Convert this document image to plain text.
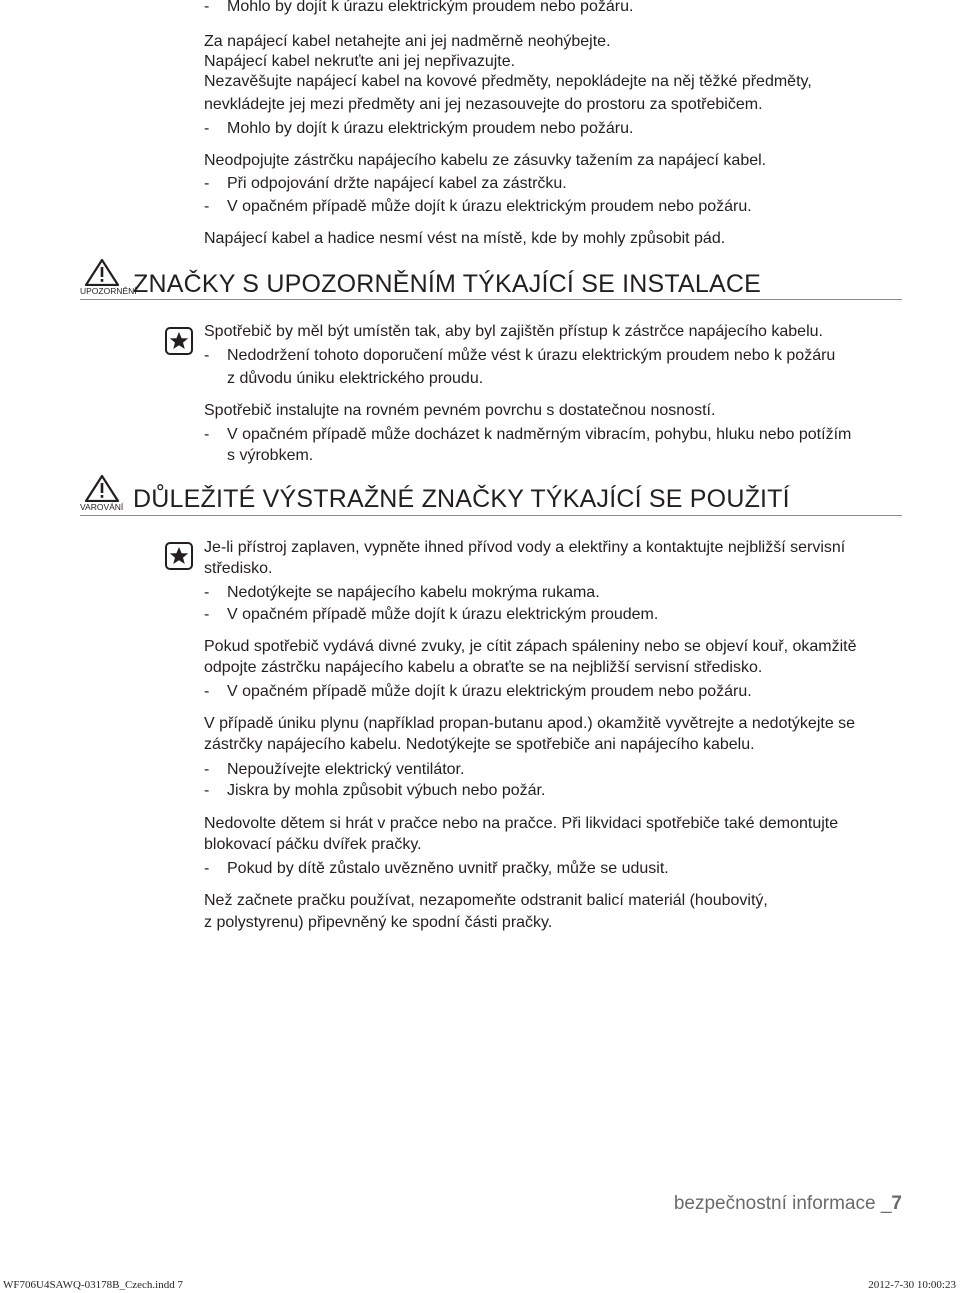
- Mohlo by dojít k úrazu elektrickým proudem nebo požáru.
Za napájecí kabel netahejte ani jej nadměrně neohýbejte.
Napájecí kabel nekruťte ani jej nepřivazujte.
Nezavěšujte napájecí kabel na kovové předměty, nepokládejte na něj těžké předměty,
nevkládejte jej mezi předměty ani jej nezasouvejte do prostoru za spotřebičem.
- Mohlo by dojít k úrazu elektrickým proudem nebo požáru.
Neodpojujte zástrčku napájecího kabelu ze zásuvky tažením za napájecí kabel.
- Při odpojování držte napájecí kabel za zástrčku.
- V opačném případě může dojít k úrazu elektrickým proudem nebo požáru.
Napájecí kabel a hadice nesmí vést na místě, kde by mohly způsobit pád.
UPOZORNĚNÍ
ZNAČKY S UPOZORNĚNÍM TÝKAJÍCÍ SE INSTALACE
Spotřebič by měl být umístěn tak, aby byl zajištěn přístup k zástrčce napájecího kabelu.
- Nedodržení tohoto doporučení může vést k úrazu elektrickým proudem nebo k požáru
z důvodu úniku elektrického proudu.
Spotřebič instalujte na rovném pevném povrchu s dostatečnou nosností.
- V opačném případě může docházet k nadměrným vibracím, pohybu, hluku nebo potížím
s výrobkem.
VAROVÁNÍ DŮLEŽITÉ VÝSTRAŽNÉ ZNAČKY TÝKAJÍCÍ SE POUŽITÍ
Je-li přístroj zaplaven, vypněte ihned přívod vody a elektřiny a kontaktujte nejbližší servisní
středisko.
- Nedotýkejte se napájecího kabelu mokrýma rukama.
- V opačném případě může dojít k úrazu elektrickým proudem.
Pokud spotřebič vydává divné zvuky, je cítit zápach spáleniny nebo se objeví kouř, okamžitě
odpojte zástrčku napájecího kabelu a obraťte se na nejbližší servisní středisko.
- V opačném případě může dojít k úrazu elektrickým proudem nebo požáru.
V případě úniku plynu (například propan-butanu apod.) okamžitě vyvětrejte a nedotýkejte se
zástrčky napájecího kabelu. Nedotýkejte se spotřebiče ani napájecího kabelu.
- Nepoužívejte elektrický ventilátor.
- Jiskra by mohla způsobit výbuch nebo požár.
Nedovolte dětem si hrát v pračce nebo na pračce. Při likvidaci spotřebiče také demontujte
blokovací páčku dvířek pračky.
- Pokud by dítě zůstalo uvězněno uvnitř pračky, může se udusit.
Než začnete pračku používat, nezapomeňte odstranit balicí materiál (houbovitý,
z polystyrenu) připevněný ke spodní části pračky.
bezpečnostní informace _7
WF706U4SAWQ-03178B_Czech.indd 7	2012-7-30 10:00:23
